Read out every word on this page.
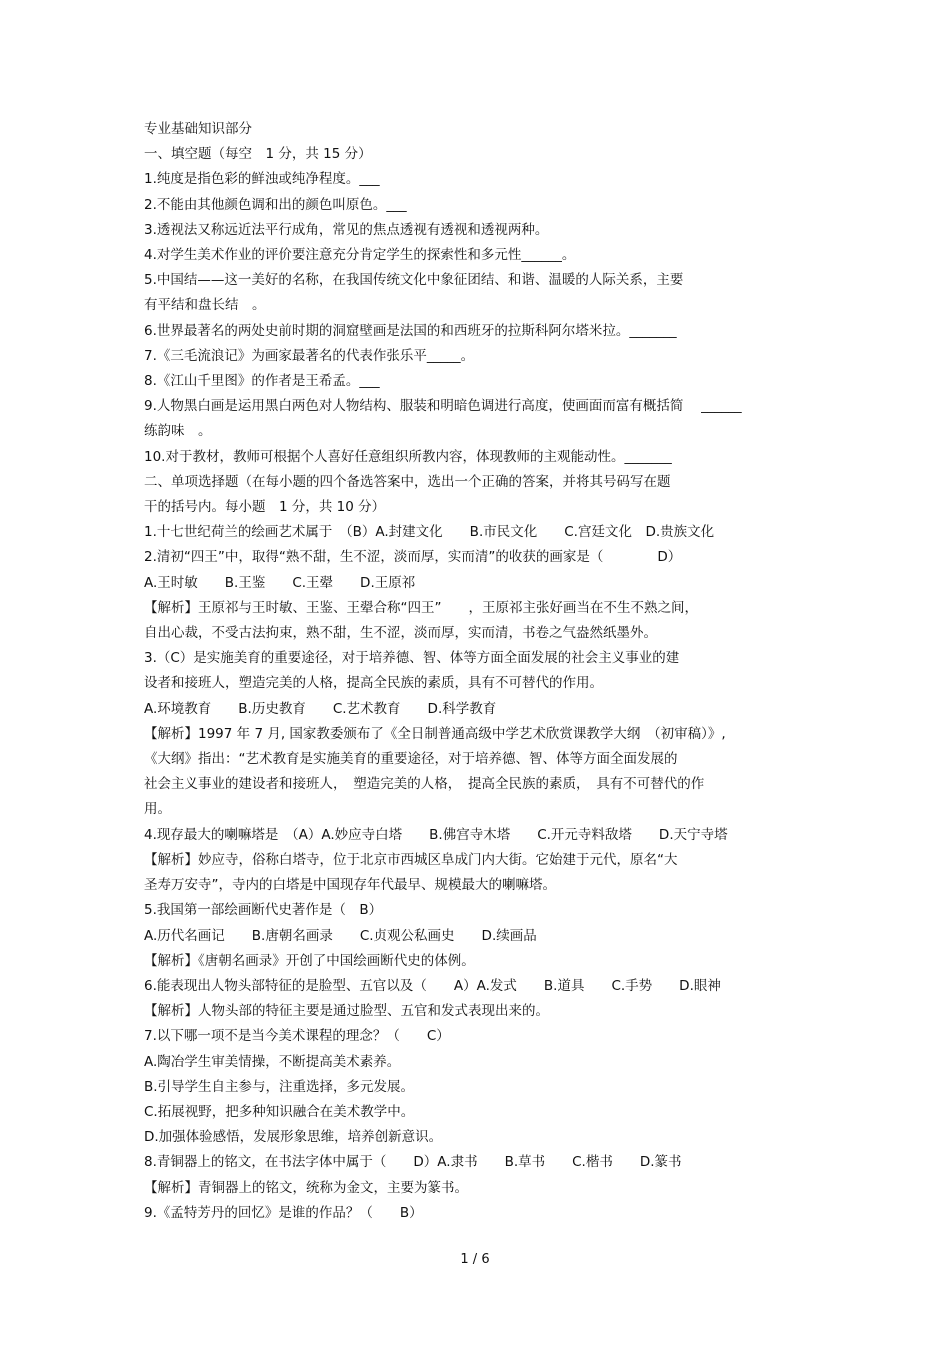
专业基础知识部分
一、填空题（每空　1 分，共 15 分）
1.纯度是指色彩的鲜浊或纯净程度。___
2.不能由其他颜色调和出的颜色叫原色。___
3.透视法又称远近法平行成角，常见的焦点透视有透视和透视两种。
4.对学生美术作业的评价要注意充分肯定学生的探索性和多元性______。
5.中国结——这一美好的名称，在我国传统文化中象征团结、和谐、温暖的人际关系，主要
有平结和盘长结　。
6.世界最著名的两处史前时期的洞窟壁画是法国的和西班牙的拉斯科阿尔塔米拉。_______
7.《三毛流浪记》为画家最著名的代表作张乐平_____。
8.《江山千里图》的作者是王希孟。___
9.人物黑白画是运用黑白两色对人物结构、服装和明暗色调进行高度，使画面而富有概括简　 ______
练韵味　。
10.对于教材，教师可根据个人喜好任意组织所教内容，体现教师的主观能动性。_______
二、单项选择题（在每小题的四个备选答案中，选出一个正确的答案，并将其号码写在题
干的括号内。每小题　1 分，共 10 分）
1.十七世纪荷兰的绘画艺术属于　（B）A.封建文化　　B.市民文化　　C.宫廷文化　D.贵族文化
2.清初“四王”中，取得“熟不甜，生不涩，淡而厚，实而清”的收获的画家是（　　　　D）
A.王时敏　　B.王鉴　　C.王翚　　D.王原祁
【解析】王原祁与王时敏、王鉴、王翚合称“四王”　　，王原祁主张好画当在不生不熟之间，
自出心裁，不受古法拘束，熟不甜，生不涩，淡而厚，实而清，书卷之气盎然纸墨外。
3.（C）是实施美育的重要途径，对于培养德、智、体等方面全面发展的社会主义事业的建
设者和接班人，塑造完美的人格，提高全民族的素质，具有不可替代的作用。
A.环境教育　　B.历史教育　　C.艺术教育　　D.科学教育
【解析】1997 年 7 月, 国家教委颁布了《全日制普通高级中学艺术欣赏课教学大纲　（初审稿）》,
《大纲》指出：“艺术教育是实施美育的重要途径，对于培养德、智、体等方面全面发展的
社会主义事业的建设者和接班人，　塑造完美的人格，　提高全民族的素质，　具有不可替代的作
用。
4.现存最大的喇嘛塔是　（A）A.妙应寺白塔　　B.佛宫寺木塔　　C.开元寺料敌塔　　D.天宁寺塔
【解析】妙应寺，俗称白塔寺，位于北京市西城区阜成门内大街。它始建于元代，原名“大
圣寿万安寺”，寺内的白塔是中国现存年代最早、规模最大的喇嘛塔。
5.我国第一部绘画断代史著作是（　B）
A.历代名画记　　B.唐朝名画录　　C.贞观公私画史　　D.续画品
【解析】《唐朝名画录》开创了中国绘画断代史的体例。
6.能表现出人物头部特征的是脸型、五官以及（　　A）A.发式　　B.道具　　C.手势　　D.眼神
【解析】人物头部的特征主要是通过脸型、五官和发式表现出来的。
7.以下哪一项不是当今美术课程的理念？（　　C）
A.陶冶学生审美情操，不断提高美术素养。
B.引导学生自主参与，注重选择，多元发展。
C.拓展视野，把多种知识融合在美术教学中。
D.加强体验感悟，发展形象思维，培养创新意识。
8.青铜器上的铭文，在书法字体中属于（　　D）A.隶书　　B.草书　　C.楷书　　D.篆书
【解析】青铜器上的铭文，统称为金文，主要为篆书。
9.《孟特芳丹的回忆》是谁的作品？（　　B）
1 / 6
